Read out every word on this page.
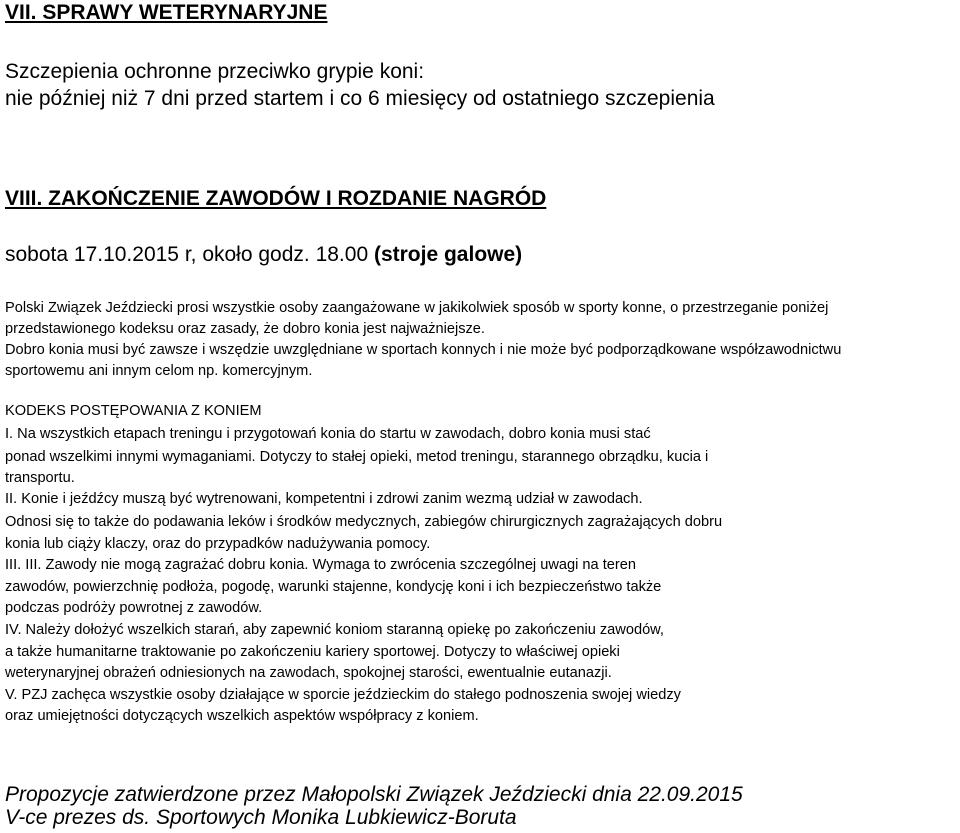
VII. SPRAWY WETERYNARYJNE
Szczepienia ochronne przeciwko grypie koni:
nie później niż 7 dni przed startem i co 6 miesięcy od ostatniego szczepienia
VIII. ZAKOŃCZENIE ZAWODÓW I ROZDANIE NAGRÓD
sobota 17.10.2015 r, około godz. 18.00 (stroje galowe)
Polski Związek Jeździecki prosi wszystkie osoby zaangażowane w jakikolwiek sposób w sporty konne, o przestrzeganie poniżej
przedstawionego kodeksu oraz zasady, że dobro konia jest najważniejsze.
Dobro konia musi być zawsze i wszędzie uwzględniane w sportach konnych i nie może być podporządkowane współzawodnictwu
sportowemu ani innym celom np. komercyjnym.
KODEKS POSTĘPOWANIA Z KONIEM
I. Na wszystkich etapach treningu i przygotowań konia do startu w zawodach, dobro konia musi stać
ponad wszelkimi innymi wymaganiami. Dotyczy to stałej opieki, metod treningu, starannego obrządku, kucia i
transportu.
II. Konie i jeźdźcy muszą być wytrenowani, kompetentni i zdrowi zanim wezmą udział w zawodach.
Odnosi się to także do podawania leków i środków medycznych, zabiegów chirurgicznych zagrażających dobru
konia lub ciąży klaczy, oraz do przypadków nadużywania pomocy.
III. III. Zawody nie mogą zagrażać dobru konia. Wymaga to zwrócenia szczególnej uwagi na teren
zawodów, powierzchnię podłoża, pogodę, warunki stajenne, kondycję koni i ich bezpieczeństwo także
podczas podróży powrotnej z zawodów.
IV. Należy dołożyć wszelkich starań, aby zapewnić koniom staranną opiekę po zakończeniu zawodów,
a także humanitarne traktowanie po zakończeniu kariery sportowej. Dotyczy to właściwej opieki
weterynaryjnej obrażeń odniesionych na zawodach, spokojnej starości, ewentualnie eutanazji.
V. PZJ zachęca wszystkie osoby działające w sporcie jeździeckim do stałego podnoszenia swojej wiedzy
oraz umiejętności dotyczących wszelkich aspektów współpracy z koniem.
Propozycje zatwierdzone przez Małopolski Związek Jeździecki dnia 22.09.2015
V-ce prezes ds. Sportowych Monika Lubkiewicz-Boruta
